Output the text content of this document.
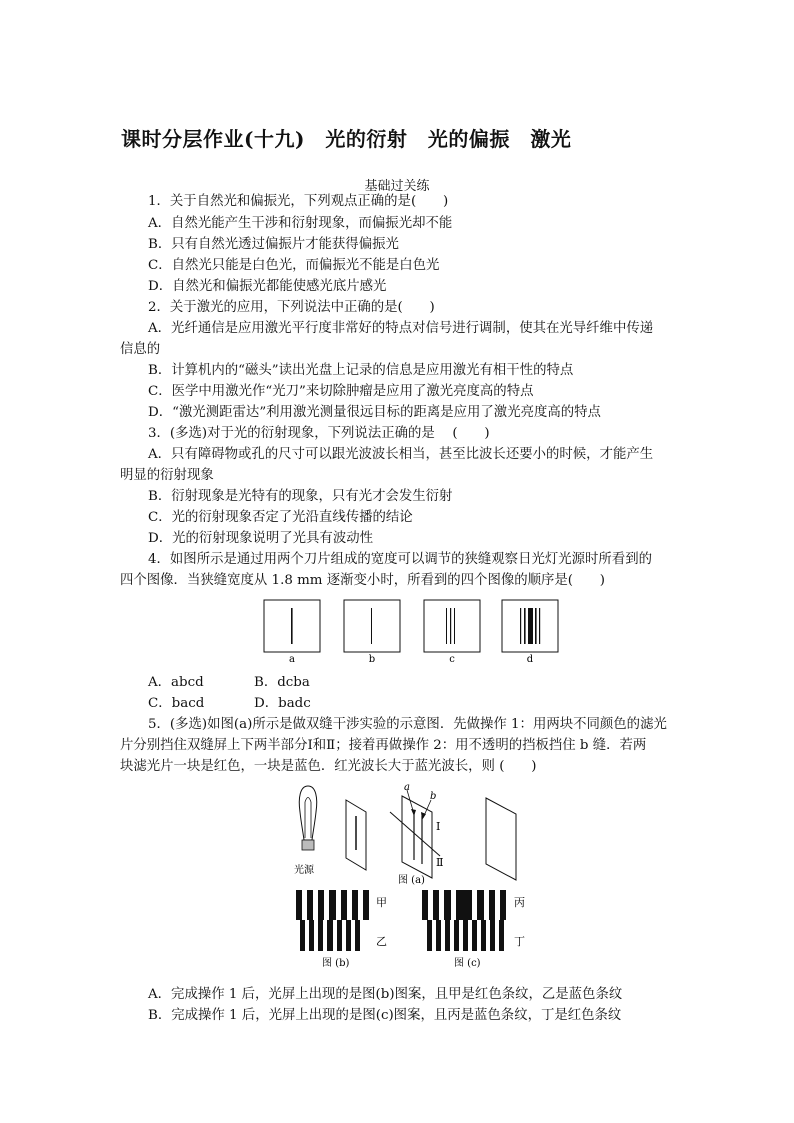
课时分层作业(十九)　光的衍射　光的偏振　激光
基础过关练
1．关于自然光和偏振光，下列观点正确的是(　　)
A．自然光能产生干涉和衍射现象，而偏振光却不能
B．只有自然光透过偏振片才能获得偏振光
C．自然光只能是白色光，而偏振光不能是白色光
D．自然光和偏振光都能使感光底片感光
2．关于激光的应用，下列说法中正确的是(　　)
A．光纤通信是应用激光平行度非常好的特点对信号进行调制，使其在光导纤维中传递
信息的
B．计算机内的“磁头”读出光盘上记录的信息是应用激光有相干性的特点
C．医学中用激光作“光刀”来切除肿瘤是应用了激光亮度高的特点
D．“激光测距雷达”利用激光测量很远目标的距离是应用了激光亮度高的特点
3．(多选)对于光的衍射现象，下列说法正确的是　 (　　)
A．只有障碍物或孔的尺寸可以跟光波波长相当，甚至比波长还要小的时候，才能产生
明显的衍射现象
B．衍射现象是光特有的现象，只有光才会发生衍射
C．光的衍射现象否定了光沿直线传播的结论
D．光的衍射现象说明了光具有波动性
4．如图所示是通过用两个刀片组成的宽度可以调节的狭缝观察日光灯光源时所看到的
四个图像．当狭缝宽度从 1.8 mm 逐渐变小时，所看到的四个图像的顺序是(　　)
a	b	c	d
A．abcd	B．dcba
C．bacd	D．badc
5．(多选)如图(a)所示是做双缝干涉实验的示意图．先做操作 1：用两块不同颜色的滤光
片分别挡住双缝屏上下两半部分Ⅰ和Ⅱ；接着再做操作 2：用不透明的挡板挡住 b 缝．若两
块滤光片一块是红色，一块是蓝色．红光波长大于蓝光波长，则 (　　)
光源
a
b
Ⅰ
Ⅱ
图 (a)
甲
乙
图 (b)
丙
丁
图 (c)
A．完成操作 1 后，光屏上出现的是图(b)图案，且甲是红色条纹，乙是蓝色条纹
B．完成操作 1 后，光屏上出现的是图(c)图案，且丙是蓝色条纹，丁是红色条纹
